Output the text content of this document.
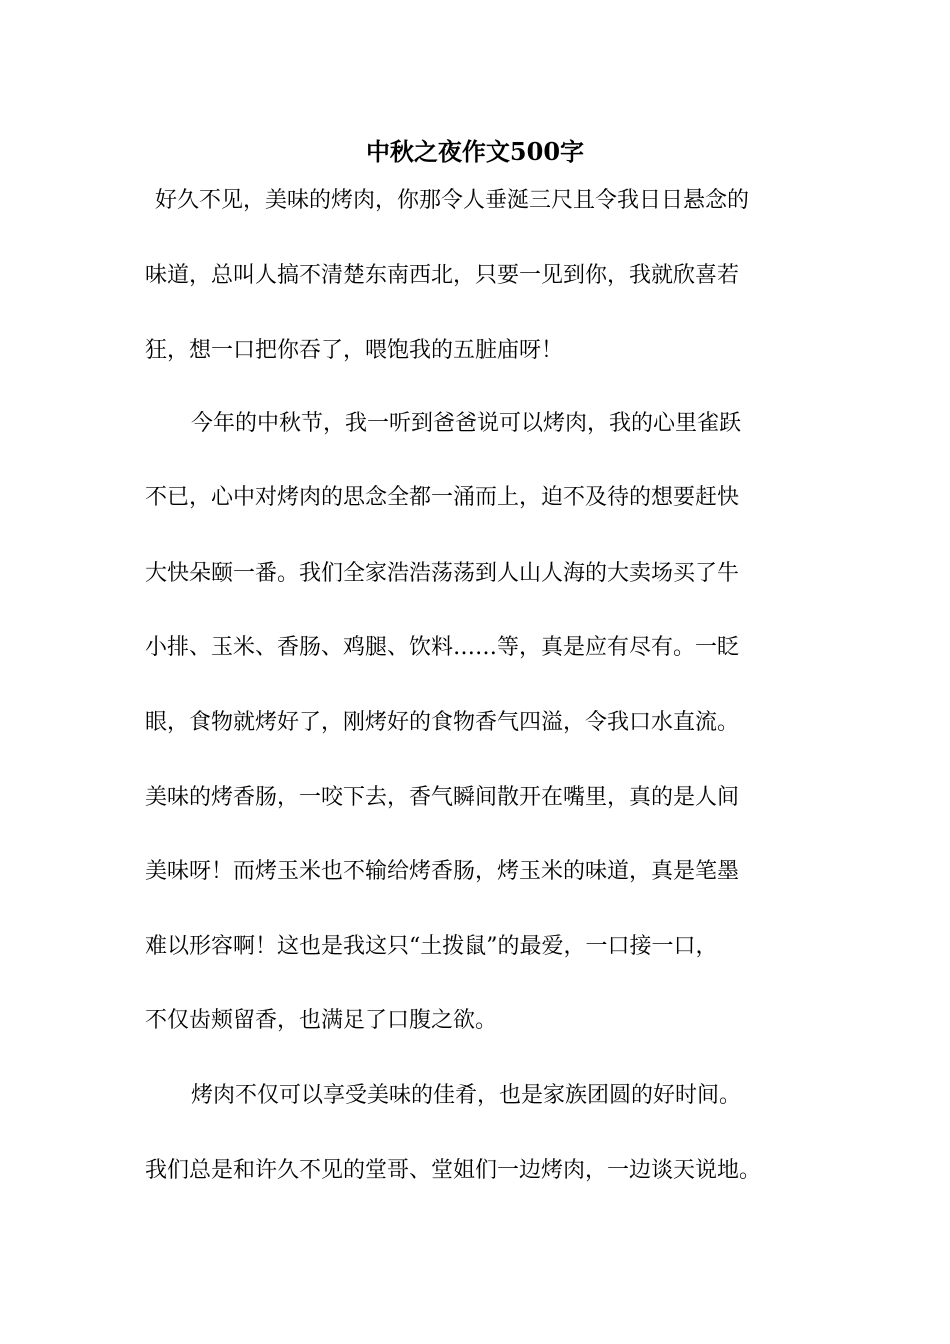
中秋之夜作文500字

好久不见，美味的烤肉，你那令人垂涎三尺且令我日日悬念的

味道，总叫人搞不清楚东南西北，只要一见到你，我就欣喜若

狂，想一口把你吞了，喂饱我的五脏庙呀！

今年的中秋节，我一听到爸爸说可以烤肉，我的心里雀跃

不已，心中对烤肉的思念全都一涌而上，迫不及待的想要赶快

大快朵颐一番。我们全家浩浩荡荡到人山人海的大卖场买了牛

小排、玉米、香肠、鸡腿、饮料……等，真是应有尽有。一眨

眼，食物就烤好了，刚烤好的食物香气四溢，令我口水直流。

美味的烤香肠，一咬下去，香气瞬间散开在嘴里，真的是人间

美味呀！而烤玉米也不输给烤香肠，烤玉米的味道，真是笔墨

难以形容啊！这也是我这只“土拨鼠”的最爱，一口接一口，

不仅齿颊留香，也满足了口腹之欲。

烤肉不仅可以享受美味的佳肴，也是家族团圆的好时间。

我们总是和许久不见的堂哥、堂姐们一边烤肉，一边谈天说地。
